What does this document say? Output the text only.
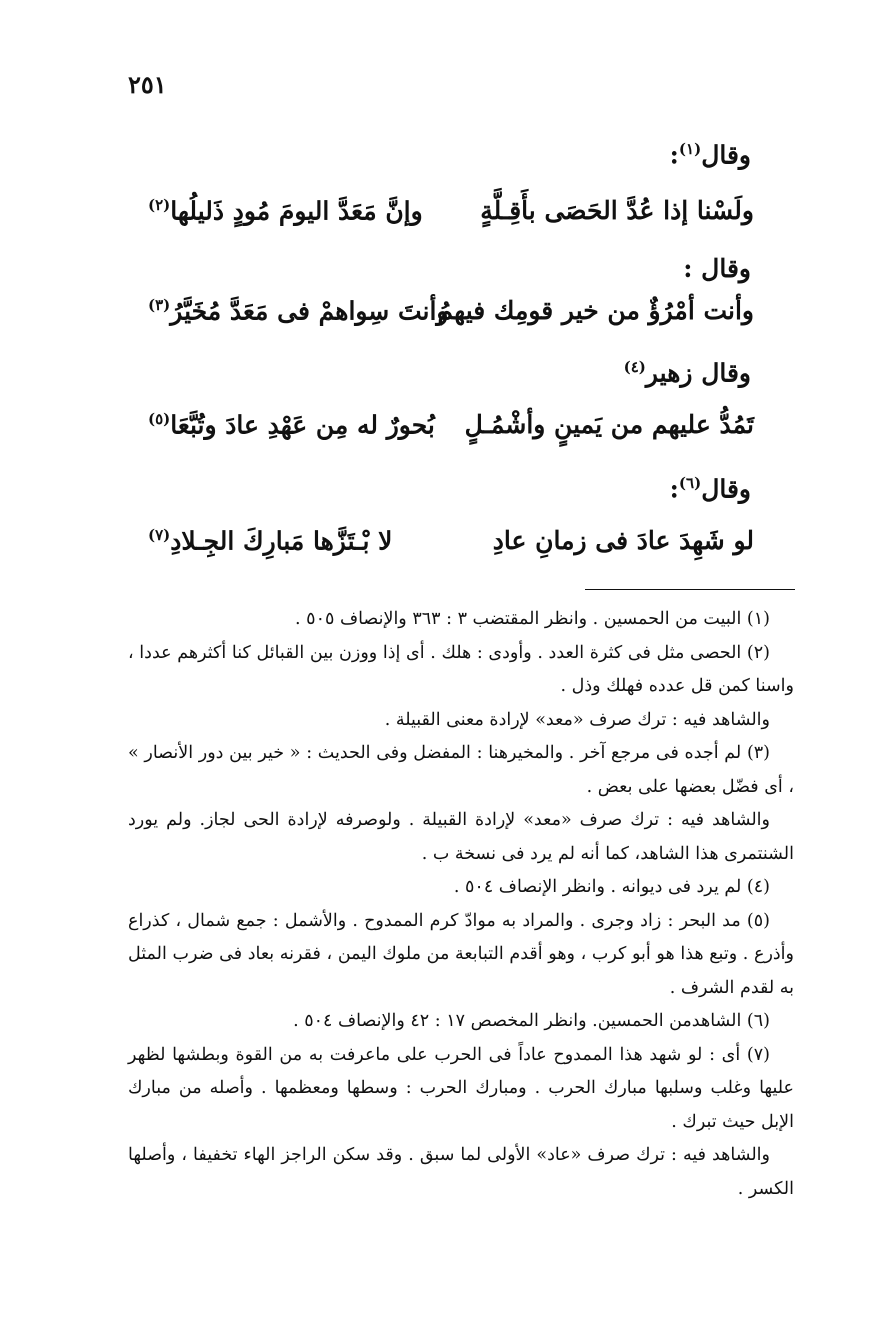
٢٥١
وقال$^{(١)}$:
ولَسْنا إذا عُدَّ الحَصَى بأَقِـلَّةٍ
وإنَّ مَعَدَّ اليومَ مُودٍ ذَليلُها$^{(٢)}$
وقال :
وأنت أمْرُؤٌ من خير قومِك فيهمُ
وأنتَ سِواهمْ فى مَعَدَّ مُخَيَّرُ$^{(٣)}$
وقال زهير$^{(٤)}$
تَمُدُّ عليهم من يَمينٍ وأشْمُـلٍ
بُحورٌ له مِن عَهْدِ عادَ وتُبَّعَا$^{(٥)}$
وقال$^{(٦)}$:
لو شَهِدَ عادَ فى زمانِ عادِ
لا بْـتَزَّها مَبارِكَ الجِـلادِ$^{(٧)}$

(١) البيت من الحمسين . وانظر المقتضب ٣ : ٣٦٣ والإنصاف ٥٠٥ .

(٢) الحصى مثل فى كثرة العدد . وأودى : هلك . أى إذا ووزن بين القبائل كنا أكثرهم عددا ، واسنا كمن قل عدده فهلك وذل .

والشاهد فيه : ترك صرف «معد» لإرادة معنى القبيلة .

(٣) لم أجده فى مرجع آخر . والمخيرهنا : المفضل وفى الحديث : « خير بين دور الأنصار » ، أى فضّل بعضها على بعض .

والشاهد فيه : ترك صرف «معد» لإرادة القبيلة . ولوصرفه لإرادة الحى لجاز. ولم يورد الشنتمرى هذا الشاهد، كما أنه لم يرد فى نسخة ب .

(٤) لم يرد فى ديوانه . وانظر الإنصاف ٥٠٤ .

(٥) مد البحر : زاد وجرى . والمراد به موادّ كرم الممدوح . والأشمل : جمع شمال ، كذراع وأذرع . وتبع هذا هو أبو كرب ، وهو أقدم التبابعة من ملوك اليمن ، فقرنه بعاد فى ضرب المثل به لقدم الشرف .

(٦) الشاهدمن الحمسين. وانظر المخصص ١٧ : ٤٢ والإنصاف ٥٠٤ .

(٧) أى : لو شهد هذا الممدوح عاداً فى الحرب على ماعرفت به من القوة وبطشها لظهر عليها وغلب وسلبها مبارك الحرب . ومبارك الحرب : وسطها ومعظمها . وأصله من مبارك الإبل حيث تبرك .

والشاهد فيه : ترك صرف «عاد» الأولى لما سبق . وقد سكن الراجز الهاء تخفيفا ، وأصلها الكسر .
